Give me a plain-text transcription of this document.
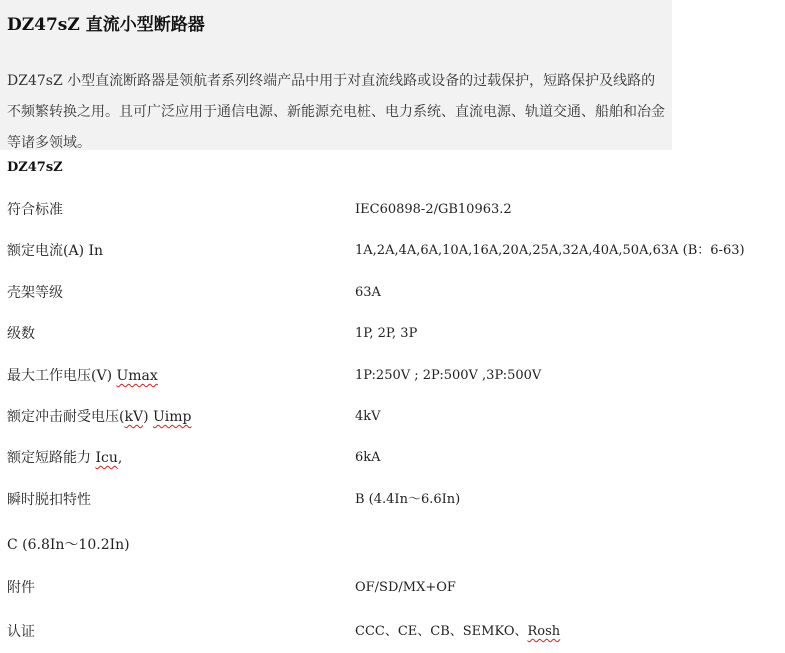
DZ47sZ 直流小型断路器

DZ47sZ 小型直流断路器是领航者系列终端产品中用于对直流线路或设备的过载保护，短路保护及线路的不频繁转换之用。且可广泛应用于通信电源、新能源充电桩、电力系统、直流电源、轨道交通、船舶和冶金等诸多领域。

DZ47sZ
符合标准	IEC60898-2/GB10963.2
额定电流(A) In	1A,2A,4A,6A,10A,16A,20A,25A,32A,40A,50A,63A (B：6-63)
壳架等级	63A
级数	1P, 2P, 3P
最大工作电压(V) Umax	1P:250V ; 2P:500V ,3P:500V
额定冲击耐受电压(kV) Uimp	4kV
额定短路能力 Icu,	6kA
瞬时脱扣特性	B (4.4In～6.6In)
C (6.8In～10.2In)
附件	OF/SD/MX+OF
认证	CCC、CE、CB、SEMKO、Rosh
